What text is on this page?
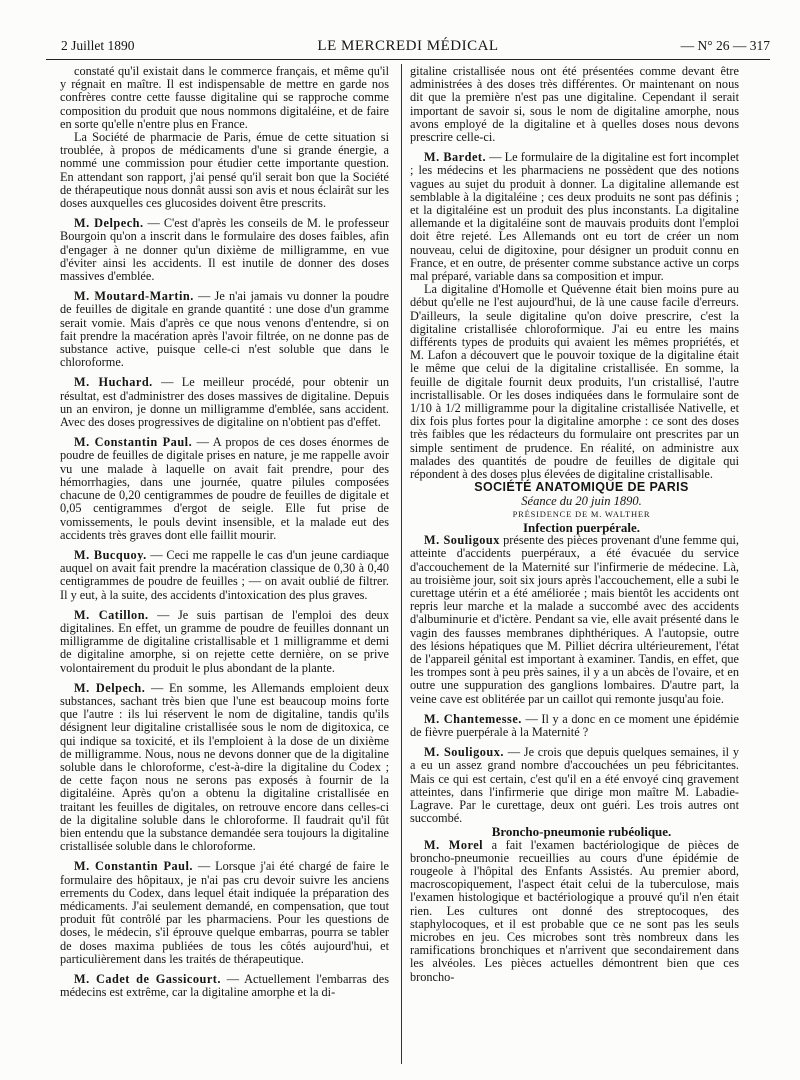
2 Juillet 1890	LE MERCREDI MÉDICAL	— N° 26 — 317

constaté qu'il existait dans le commerce français, et même qu'il y régnait en maître. Il est indispensable de mettre en garde nos confrères contre cette fausse digitaline qui se rapproche comme composition du produit que nous nommons digitaléine, et de faire en sorte qu'elle n'entre plus en France.

La Société de pharmacie de Paris, émue de cette situation si troublée, à propos de médicaments d'une si grande énergie, a nommé une commission pour étudier cette importante question. En attendant son rapport, j'ai pensé qu'il serait bon que la Société de thérapeutique nous donnât aussi son avis et nous éclairât sur les doses auxquelles ces glucosides doivent être prescrits.

M. Delpech. — C'est d'après les conseils de M. le professeur Bourgoin qu'on a inscrit dans le formulaire des doses faibles, afin d'engager à ne donner qu'un dixième de milligramme, en vue d'éviter ainsi les accidents. Il est inutile de donner des doses massives d'emblée.

M. Moutard-Martin. — Je n'ai jamais vu donner la poudre de feuilles de digitale en grande quantité : une dose d'un gramme serait vomie. Mais d'après ce que nous venons d'entendre, si on fait prendre la macération après l'avoir filtrée, on ne donne pas de substance active, puisque celle-ci n'est soluble que dans le chloroforme.

M. Huchard. — Le meilleur procédé, pour obtenir un résultat, est d'administrer des doses massives de digitaline. Depuis un an environ, je donne un milligramme d'emblée, sans accident. Avec des doses progressives de digitaline on n'obtient pas d'effet.

M. Constantin Paul. — A propos de ces doses énormes de poudre de feuilles de digitale prises en nature, je me rappelle avoir vu une malade à laquelle on avait fait prendre, pour des hémorrhagies, dans une journée, quatre pilules composées chacune de 0,20 centigrammes de poudre de feuilles de digitale et 0,05 centigrammes d'ergot de seigle. Elle fut prise de vomissements, le pouls devint insensible, et la malade eut des accidents très graves dont elle faillit mourir.

M. Bucquoy. — Ceci me rappelle le cas d'un jeune cardiaque auquel on avait fait prendre la macération classique de 0,30 à 0,40 centigrammes de poudre de feuilles ; — on avait oublié de filtrer. Il y eut, à la suite, des accidents d'intoxication des plus graves.

M. Catillon. — Je suis partisan de l'emploi des deux digitalines. En effet, un gramme de poudre de feuilles donnant un milligramme de digitaline cristallisable et 1 milligramme et demi de digitaline amorphe, si on rejette cette dernière, on se prive volontairement du produit le plus abondant de la plante.

M. Delpech. — En somme, les Allemands emploient deux substances, sachant très bien que l'une est beaucoup moins forte que l'autre : ils lui réservent le nom de digitaline, tandis qu'ils désignent leur digitaline cristallisée sous le nom de digitoxica, ce qui indique sa toxicité, et ils l'emploient à la dose de un dixième de milligramme. Nous, nous ne devons donner que de la digitaline soluble dans le chloroforme, c'est-à-dire la digitaline du Codex ; de cette façon nous ne serons pas exposés à fournir de la digitaléine. Après qu'on a obtenu la digitaline cristallisée en traitant les feuilles de digitales, on retrouve encore dans celles-ci de la digitaline soluble dans le chloroforme. Il faudrait qu'il fût bien entendu que la substance demandée sera toujours la digitaline cristallisée soluble dans le chloroforme.

M. Constantin Paul. — Lorsque j'ai été chargé de faire le formulaire des hôpitaux, je n'ai pas cru devoir suivre les anciens errements du Codex, dans lequel était indiquée la préparation des médicaments. J'ai seulement demandé, en compensation, que tout produit fût contrôlé par les pharmaciens. Pour les questions de doses, le médecin, s'il éprouve quelque embarras, pourra se tabler de doses maxima publiées de tous les côtés aujourd'hui, et particulièrement dans les traités de thérapeutique.

M. Cadet de Gassicourt. — Actuellement l'embarras des médecins est extrême, car la digitaline amorphe et la di-

gitaline cristallisée nous ont été présentées comme devant être administrées à des doses très différentes. Or maintenant on nous dit que la première n'est pas une digitaline. Cependant il serait important de savoir si, sous le nom de digitaline amorphe, nous avons employé de la digitaline et à quelles doses nous devons prescrire celle-ci.

M. Bardet. — Le formulaire de la digitaline est fort incomplet ; les médecins et les pharmaciens ne possèdent que des notions vagues au sujet du produit à donner. La digitaline allemande est semblable à la digitaléine ; ces deux produits ne sont pas définis ; et la digitaléine est un produit des plus inconstants. La digitaline allemande et la digitaléine sont de mauvais produits dont l'emploi doit être rejeté. Les Allemands ont eu tort de créer un nom nouveau, celui de digitoxine, pour désigner un produit connu en France, et en outre, de présenter comme substance active un corps mal préparé, variable dans sa composition et impur.

La digitaline d'Homolle et Quévenne était bien moins pure au début qu'elle ne l'est aujourd'hui, de là une cause facile d'erreurs. D'ailleurs, la seule digitaline qu'on doive prescrire, c'est la digitaline cristallisée chloroformique. J'ai eu entre les mains différents types de produits qui avaient les mêmes propriétés, et M. Lafon a découvert que le pouvoir toxique de la digitaline était le même que celui de la digitaline cristallisée. En somme, la feuille de digitale fournit deux produits, l'un cristallisé, l'autre incristallisable. Or les doses indiquées dans le formulaire sont de 1/10 à 1/2 milligramme pour la digitaline cristallisée Nativelle, et dix fois plus fortes pour la digitaline amorphe : ce sont des doses très faibles que les rédacteurs du formulaire ont prescrites par un simple sentiment de prudence. En réalité, on administre aux malades des quantités de poudre de feuilles de digitale qui répondent à des doses plus élevées de digitaline cristallisable.

SOCIÉTÉ ANATOMIQUE DE PARIS

Séance du 20 juin 1890.

PRÉSIDENCE DE M. WALTHER

Infection puerpérale.

M. Souligoux présente des pièces provenant d'une femme qui, atteinte d'accidents puerpéraux, a été évacuée du service d'accouchement de la Maternité sur l'infirmerie de médecine. Là, au troisième jour, soit six jours après l'accouchement, elle a subi le curettage utérin et a été améliorée ; mais bientôt les accidents ont repris leur marche et la malade a succombé avec des accidents d'albuminurie et d'ictère. Pendant sa vie, elle avait présenté dans le vagin des fausses membranes diphthériques. A l'autopsie, outre des lésions hépatiques que M. Pilliet décrira ultérieurement, l'état de l'appareil génital est important à examiner. Tandis, en effet, que les trompes sont à peu près saines, il y a un abcès de l'ovaire, et en outre une suppuration des ganglions lombaires. D'autre part, la veine cave est oblitérée par un caillot qui remonte jusqu'au foie.

M. Chantemesse. — Il y a donc en ce moment une épidémie de fièvre puerpérale à la Maternité ?

M. Souligoux. — Je crois que depuis quelques semaines, il y a eu un assez grand nombre d'accouchées un peu fébricitantes. Mais ce qui est certain, c'est qu'il en a été envoyé cinq gravement atteintes, dans l'infirmerie que dirige mon maître M. Labadie-Lagrave. Par le curettage, deux ont guéri. Les trois autres ont succombé.

Broncho-pneumonie rubéolique.

M. Morel a fait l'examen bactériologique de pièces de broncho-pneumonie recueillies au cours d'une épidémie de rougeole à l'hôpital des Enfants Assistés. Au premier abord, macroscopiquement, l'aspect était celui de la tuberculose, mais l'examen histologique et bactériologique a prouvé qu'il n'en était rien. Les cultures ont donné des streptocoques, des staphylocoques, et il est probable que ce ne sont pas les seuls microbes en jeu. Ces microbes sont très nombreux dans les ramifications bronchiques et n'arrivent que secondairement dans les alvéoles. Les pièces actuelles démontrent bien que ces broncho-
